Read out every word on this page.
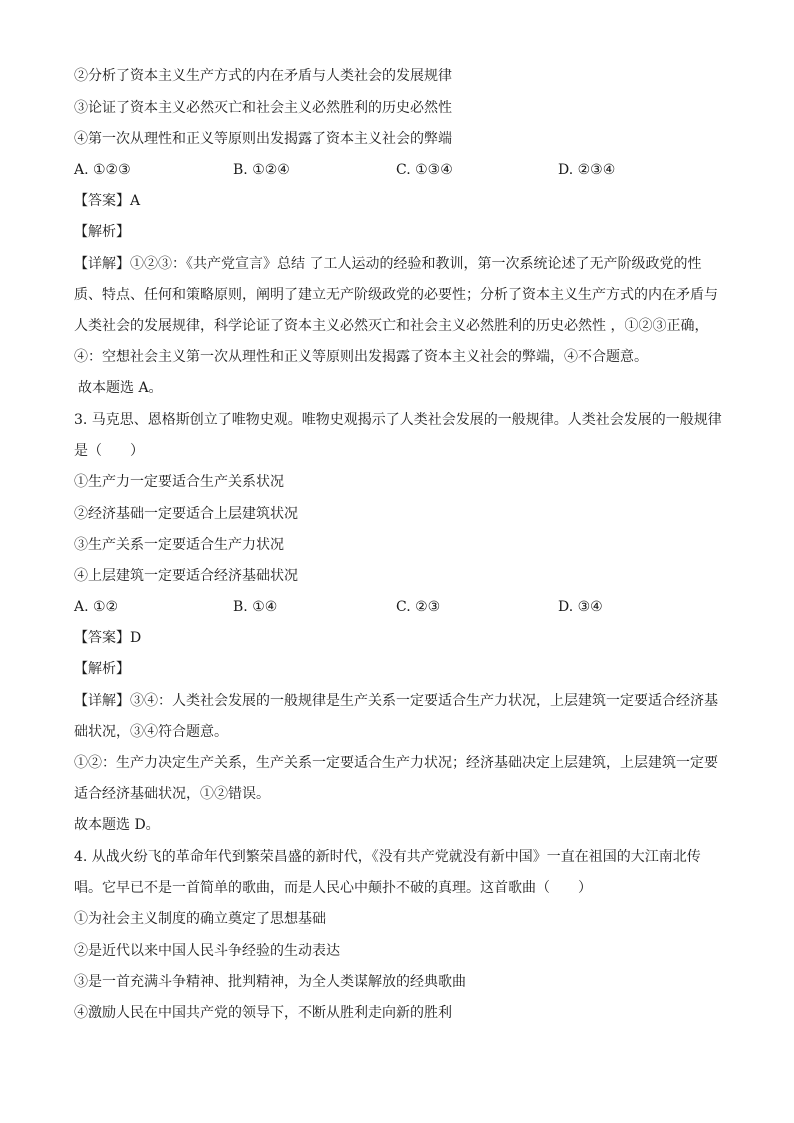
②分析了资本主义生产方式的内在矛盾与人类社会的发展规律
③论证了资本主义必然灭亡和社会主义必然胜利的历史必然性
④第一次从理性和正义等原则出发揭露了资本主义社会的弊端
A. ①②③	B. ①②④	C. ①③④	D. ②③④
【答案】A
【解析】
【详解】①②③：《共产党宣言》总结 了工人运动的经验和教训，第一次系统论述了无产阶级政党的性
质、特点、任何和策略原则，阐明了建立无产阶级政党的必要性；分析了资本主义生产方式的内在矛盾与
人类社会的发展规律，科学论证了资本主义必然灭亡和社会主义必然胜利的历史必然性 ，①②③正确，
④：空想社会主义第一次从理性和正义等原则出发揭露了资本主义社会的弊端，④不合题意。
故本题选 A。
3. 马克思、恩格斯创立了唯物史观。唯物史观揭示了人类社会发展的一般规律。人类社会发展的一般规律
是（　　）
①生产力一定要适合生产关系状况
②经济基础一定要适合上层建筑状况
③生产关系一定要适合生产力状况
④上层建筑一定要适合经济基础状况
A. ①②	B. ①④	C. ②③	D. ③④
【答案】D
【解析】
【详解】③④：人类社会发展的一般规律是生产关系一定要适合生产力状况，上层建筑一定要适合经济基
础状况，③④符合题意。
①②：生产力决定生产关系，生产关系一定要适合生产力状况；经济基础决定上层建筑，上层建筑一定要
适合经济基础状况，①②错误。
故本题选 D。
4. 从战火纷飞的革命年代到繁荣昌盛的新时代，《没有共产党就没有新中国》一直在祖国的大江南北传
唱。它早已不是一首简单的歌曲，而是人民心中颠扑不破的真理。这首歌曲（　　）
①为社会主义制度的确立奠定了思想基础
②是近代以来中国人民斗争经验的生动表达
③是一首充满斗争精神、批判精神，为全人类谋解放的经典歌曲
④激励人民在中国共产党的领导下，不断从胜利走向新的胜利
